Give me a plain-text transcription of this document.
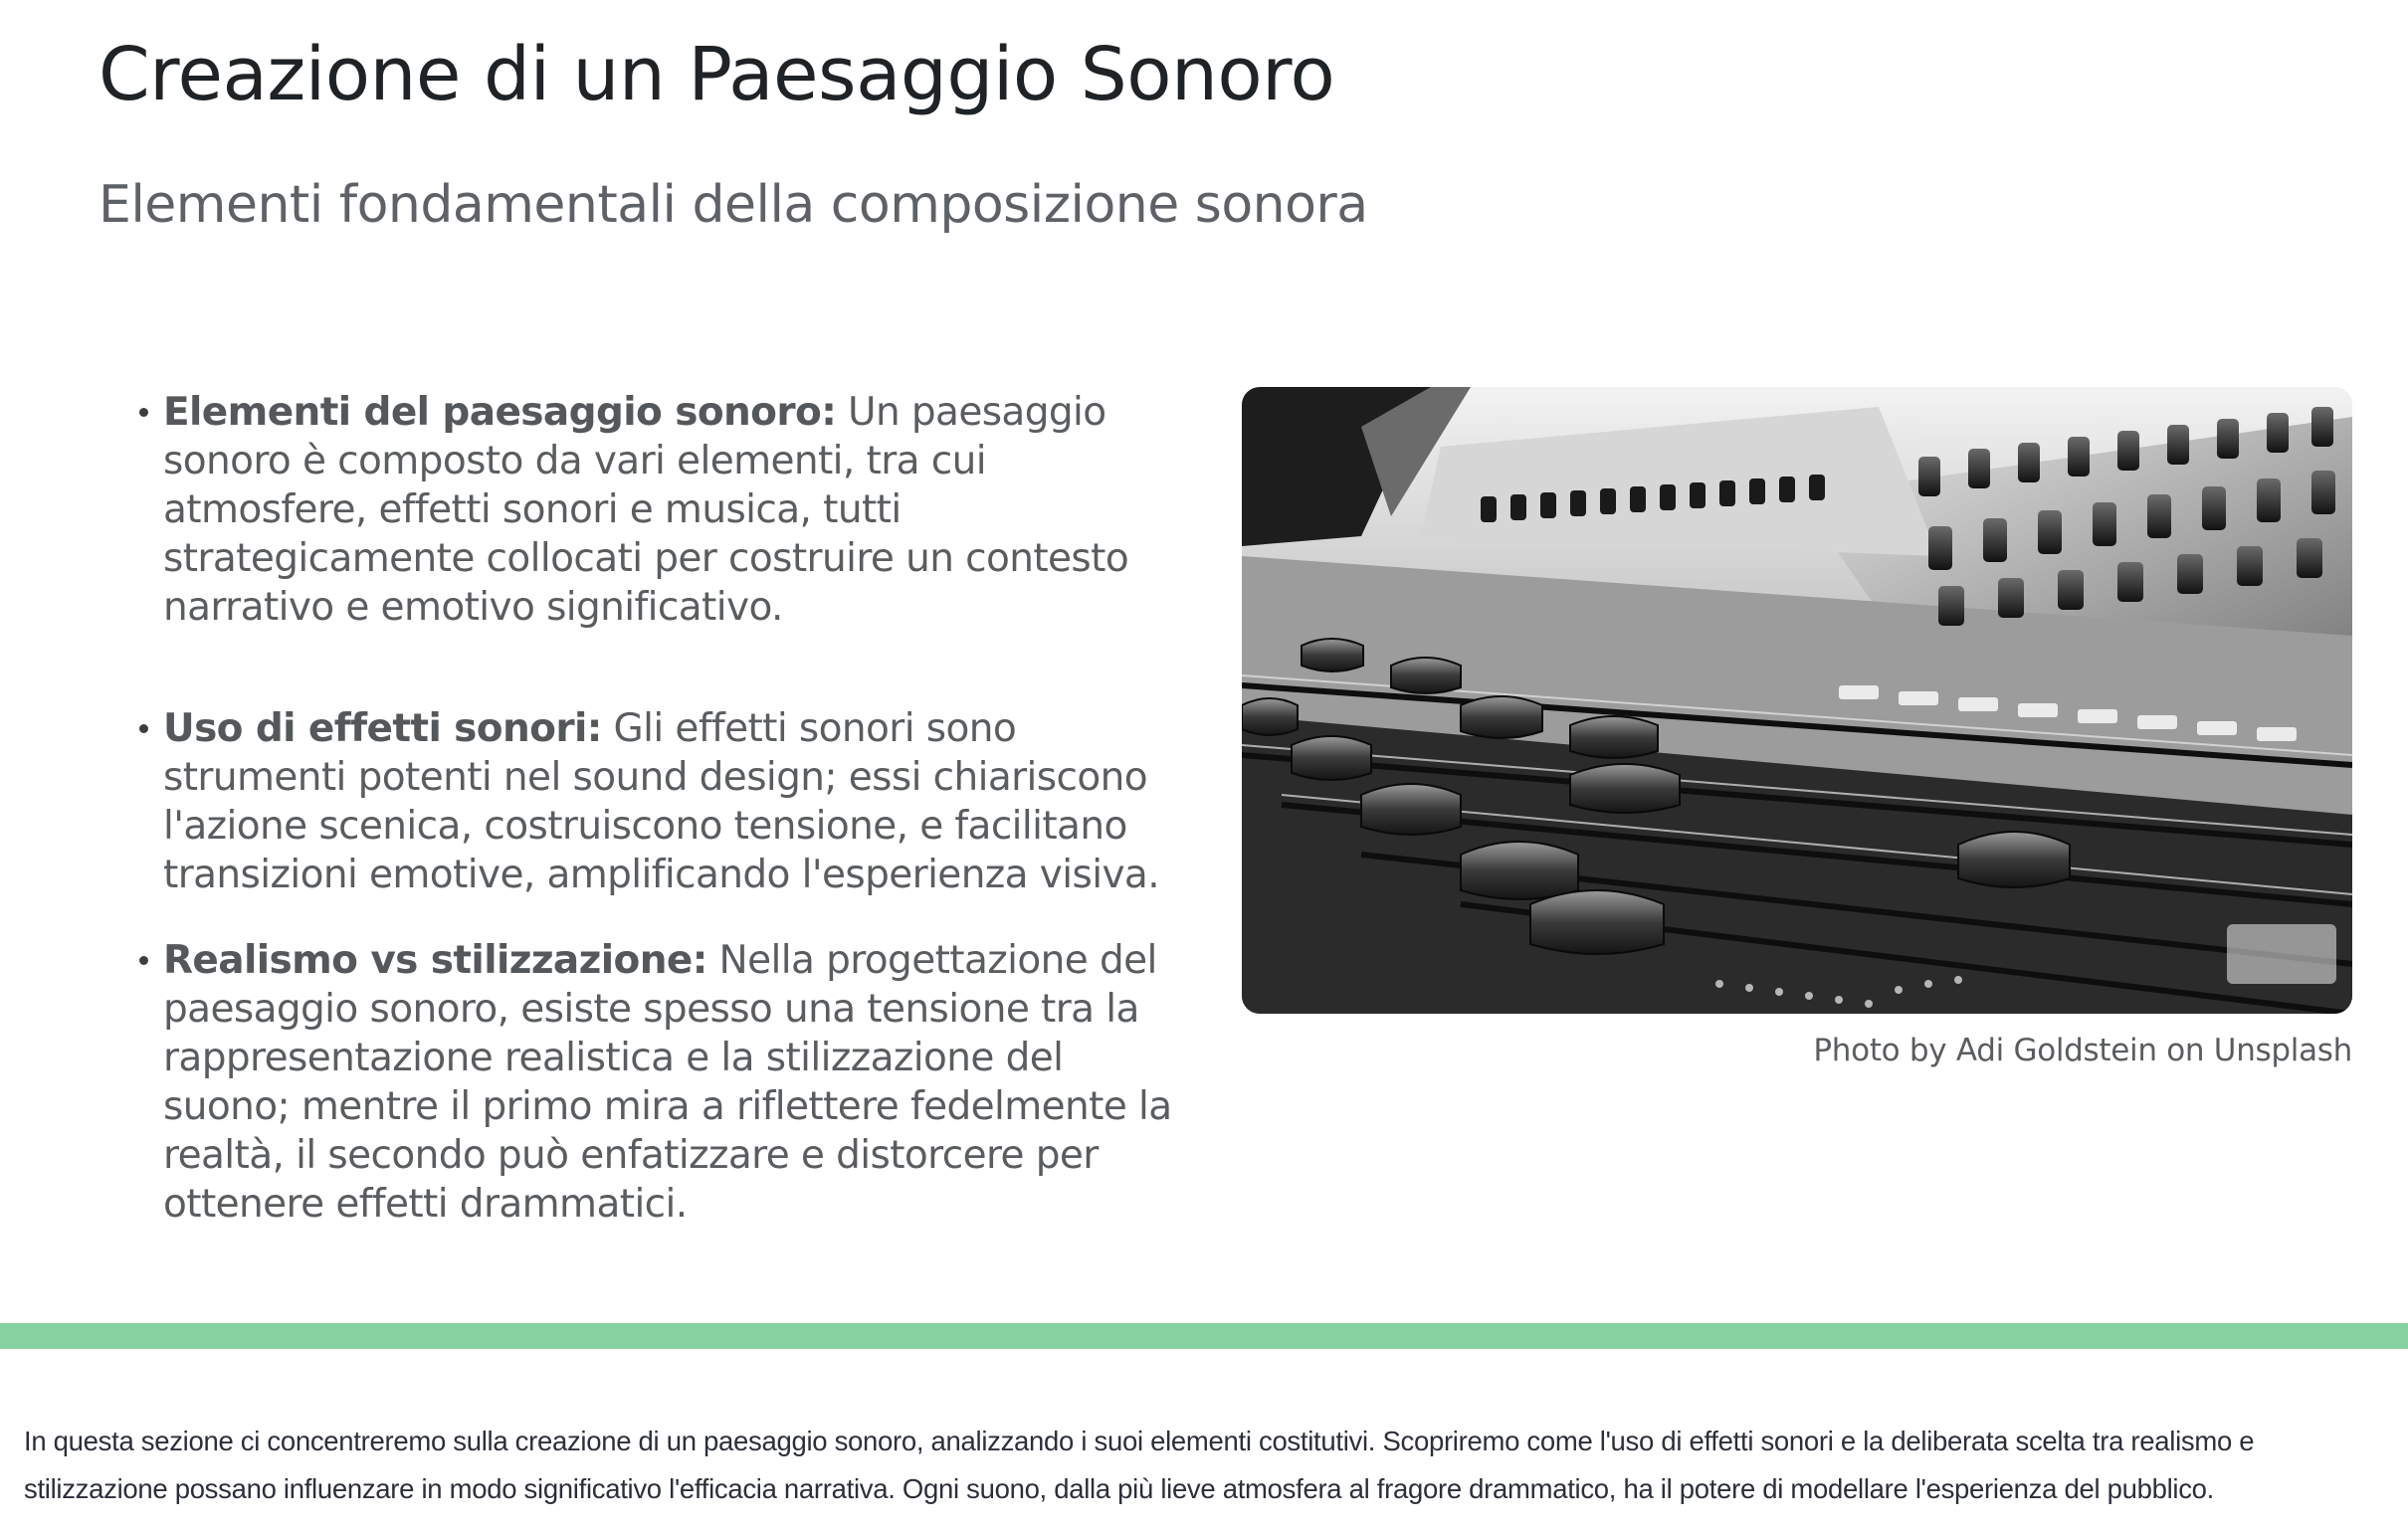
Creazione di un Paesaggio Sonoro
Elementi fondamentali della composizione sonora
Elementi del paesaggio sonoro: Un paesaggio sonoro è composto da vari elementi, tra cui atmosfere, effetti sonori e musica, tutti strategicamente collocati per costruire un contesto narrativo e emotivo significativo.
Uso di effetti sonori: Gli effetti sonori sono strumenti potenti nel sound design; essi chiariscono l'azione scenica, costruiscono tensione, e facilitano transizioni emotive, amplificando l'esperienza visiva.
Realismo vs stilizzazione: Nella progettazione del paesaggio sonoro, esiste spesso una tensione tra la rappresentazione realistica e la stilizzazione del suono; mentre il primo mira a riflettere fedelmente la realtà, il secondo può enfatizzare e distorcere per ottenere effetti drammatici.
Photo by Adi Goldstein on Unsplash

In questa sezione ci concentreremo sulla creazione di un paesaggio sonoro, analizzando i suoi elementi costitutivi. Scopriremo come l'uso di effetti sonori e la deliberata scelta tra realismo e stilizzazione possano influenzare in modo significativo l'efficacia narrativa. Ogni suono, dalla più lieve atmosfera al fragore drammatico, ha il potere di modellare l'esperienza del pubblico.
